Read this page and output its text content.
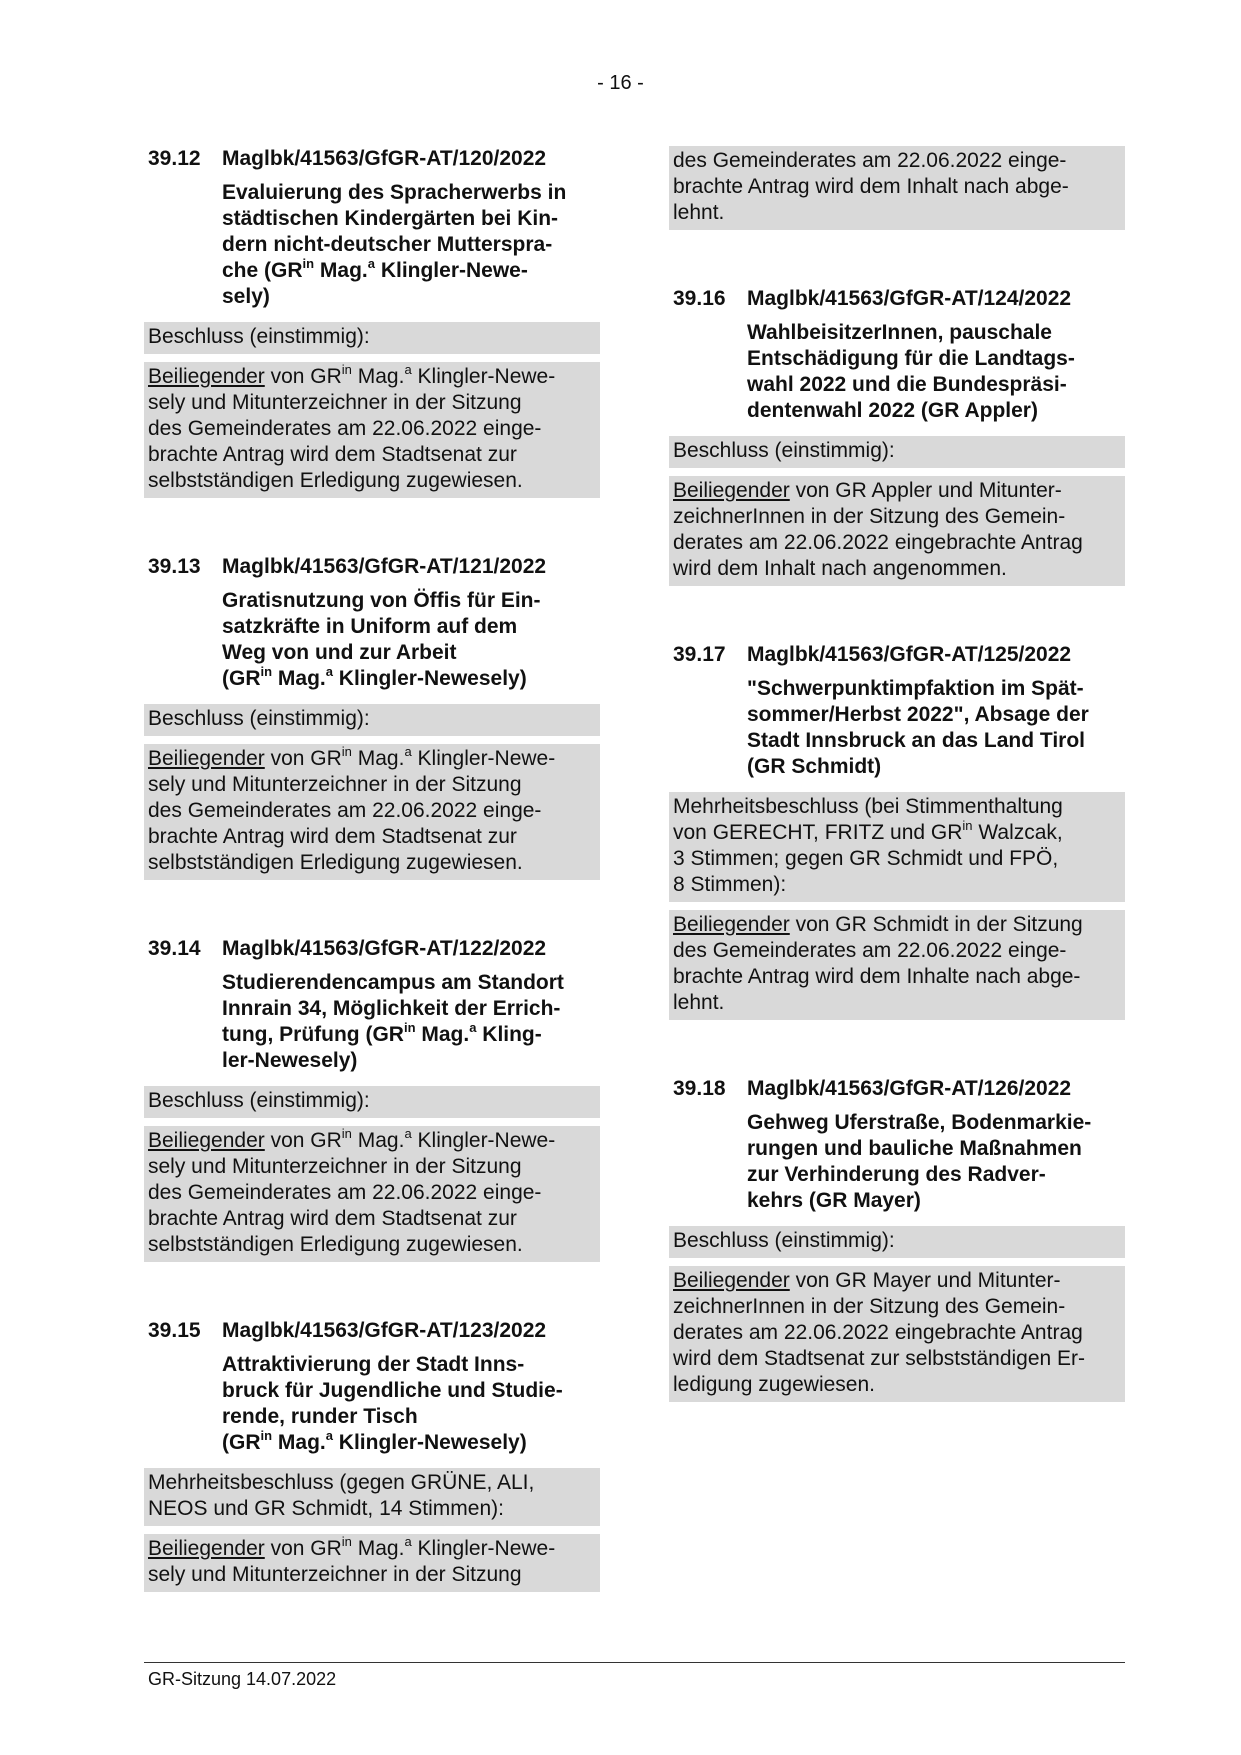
- 16 -
39.12	Maglbk/41563/GfGR-AT/120/2022
Evaluierung des Spracherwerbs in
städtischen Kindergärten bei Kin-
dern nicht-deutscher Mutterspra-
che ($GR^{in}$ Mag.$^a$ Klingler-Newe-
sely)
Beschluss (einstimmig):
Beiliegender von $GR^{in}$ Mag.$^a$ Klingler-Newe-
sely und Mitunterzeichner in der Sitzung
des Gemeinderates am 22.06.2022 einge-
brachte Antrag wird dem Stadtsenat zur
selbstständigen Erledigung zugewiesen.
39.13	Maglbk/41563/GfGR-AT/121/2022
Gratisnutzung von Öffis für Ein-
satzkräfte in Uniform auf dem
Weg von und zur Arbeit
($GR^{in}$ Mag.$^a$ Klingler-Newesely)
Beschluss (einstimmig):
Beiliegender von $GR^{in}$ Mag.$^a$ Klingler-Newe-
sely und Mitunterzeichner in der Sitzung
des Gemeinderates am 22.06.2022 einge-
brachte Antrag wird dem Stadtsenat zur
selbstständigen Erledigung zugewiesen.
39.14	Maglbk/41563/GfGR-AT/122/2022
Studierendencampus am Standort
Innrain 34, Möglichkeit der Errich-
tung, Prüfung ($GR^{in}$ Mag.$^a$ Kling-
ler-Newesely)
Beschluss (einstimmig):
Beiliegender von $GR^{in}$ Mag.$^a$ Klingler-Newe-
sely und Mitunterzeichner in der Sitzung
des Gemeinderates am 22.06.2022 einge-
brachte Antrag wird dem Stadtsenat zur
selbstständigen Erledigung zugewiesen.
39.15	Maglbk/41563/GfGR-AT/123/2022
Attraktivierung der Stadt Inns-
bruck für Jugendliche und Studie-
rende, runder Tisch
($GR^{in}$ Mag.$^a$ Klingler-Newesely)
Mehrheitsbeschluss (gegen GRÜNE, ALI,
NEOS und GR Schmidt, 14 Stimmen):
Beiliegender von $GR^{in}$ Mag.$^a$ Klingler-Newe-
sely und Mitunterzeichner in der Sitzung
des Gemeinderates am 22.06.2022 einge-
brachte Antrag wird dem Inhalt nach abge-
lehnt.
39.16	Maglbk/41563/GfGR-AT/124/2022
WahlbeisitzerInnen, pauschale
Entschädigung für die Landtags-
wahl 2022 und die Bundespräsi-
dentenwahl 2022 (GR Appler)
Beschluss (einstimmig):
Beiliegender von GR Appler und Mitunter-
zeichnerInnen in der Sitzung des Gemein-
derates am 22.06.2022 eingebrachte Antrag
wird dem Inhalt nach angenommen.
39.17	Maglbk/41563/GfGR-AT/125/2022
"Schwerpunktimpfaktion im Spät-
sommer/Herbst 2022", Absage der
Stadt Innsbruck an das Land Tirol
(GR Schmidt)
Mehrheitsbeschluss (bei Stimmenthaltung
von GERECHT, FRITZ und $GR^{in}$ Walzcak,
3 Stimmen; gegen GR Schmidt und FPÖ,
8 Stimmen):
Beiliegender von GR Schmidt in der Sitzung
des Gemeinderates am 22.06.2022 einge-
brachte Antrag wird dem Inhalte nach abge-
lehnt.
39.18	Maglbk/41563/GfGR-AT/126/2022
Gehweg Uferstraße, Bodenmarkie-
rungen und bauliche Maßnahmen
zur Verhinderung des Radver-
kehrs (GR Mayer)
Beschluss (einstimmig):
Beiliegender von GR Mayer und Mitunter-
zeichnerInnen in der Sitzung des Gemein-
derates am 22.06.2022 eingebrachte Antrag
wird dem Stadtsenat zur selbstständigen Er-
ledigung zugewiesen.
GR-Sitzung 14.07.2022
